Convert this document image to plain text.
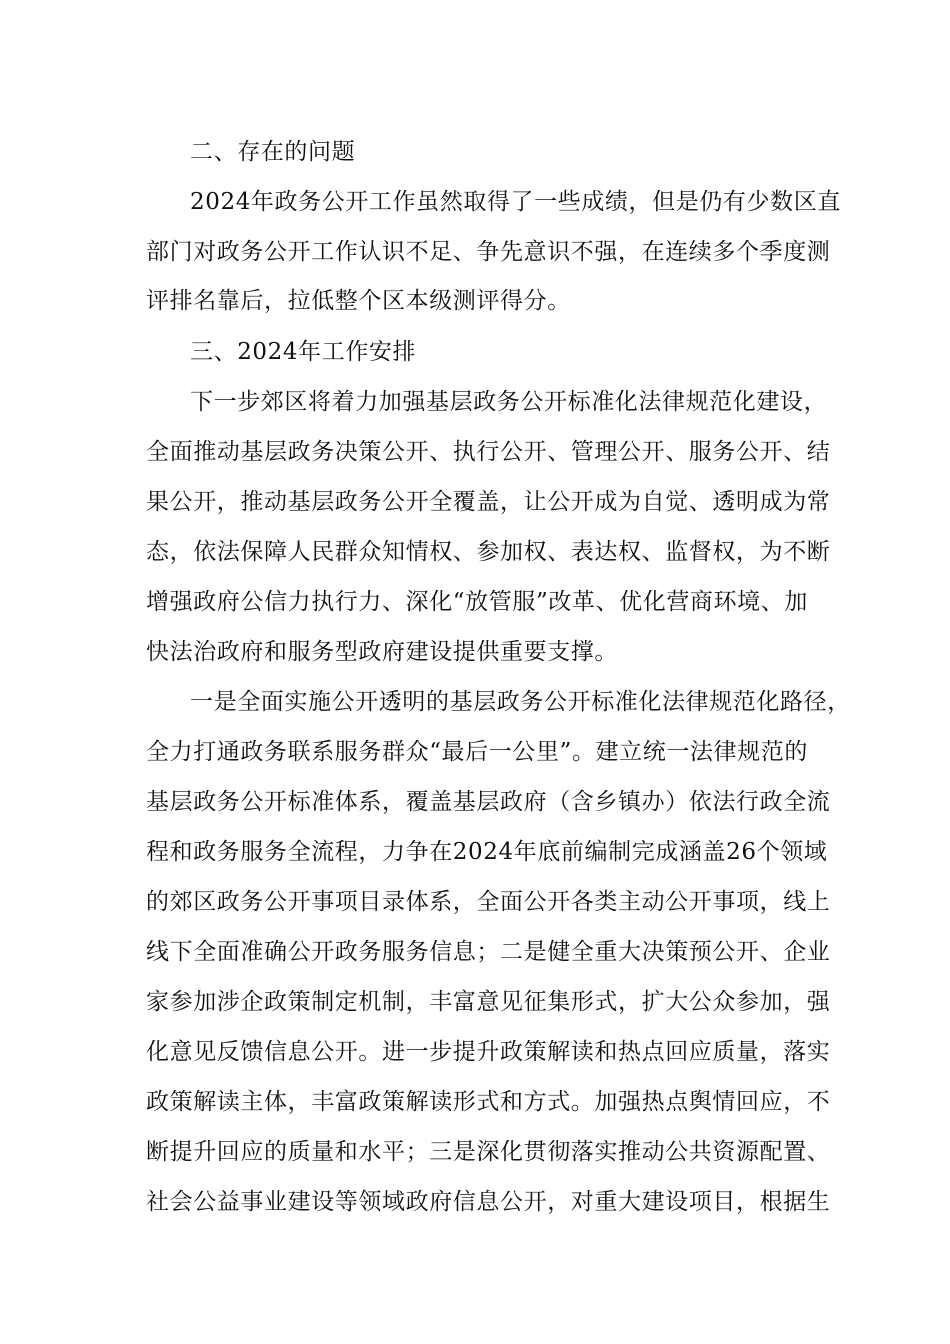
二、存在的问题
2024年政务公开工作虽然取得了一些成绩，但是仍有少数区直
部门对政务公开工作认识不足、争先意识不强，在连续多个季度测
评排名靠后，拉低整个区本级测评得分。
三、2024年工作安排
下一步郊区将着力加强基层政务公开标准化法律规范化建设，
全面推动基层政务决策公开、执行公开、管理公开、服务公开、结
果公开，推动基层政务公开全覆盖，让公开成为自觉、透明成为常
态，依法保障人民群众知情权、参加权、表达权、监督权，为不断
增强政府公信力执行力、深化“放管服”改革、优化营商环境、加
快法治政府和服务型政府建设提供重要支撑。
一是全面实施公开透明的基层政务公开标准化法律规范化路径，
全力打通政务联系服务群众“最后一公里”。建立统一法律规范的
基层政务公开标准体系，覆盖基层政府（含乡镇办）依法行政全流
程和政务服务全流程，力争在2024年底前编制完成涵盖26个领域
的郊区政务公开事项目录体系，全面公开各类主动公开事项，线上
线下全面准确公开政务服务信息；二是健全重大决策预公开、企业
家参加涉企政策制定机制，丰富意见征集形式，扩大公众参加，强
化意见反馈信息公开。进一步提升政策解读和热点回应质量，落实
政策解读主体，丰富政策解读形式和方式。加强热点舆情回应，不
断提升回应的质量和水平；三是深化贯彻落实推动公共资源配置、
社会公益事业建设等领域政府信息公开，对重大建设项目，根据生
